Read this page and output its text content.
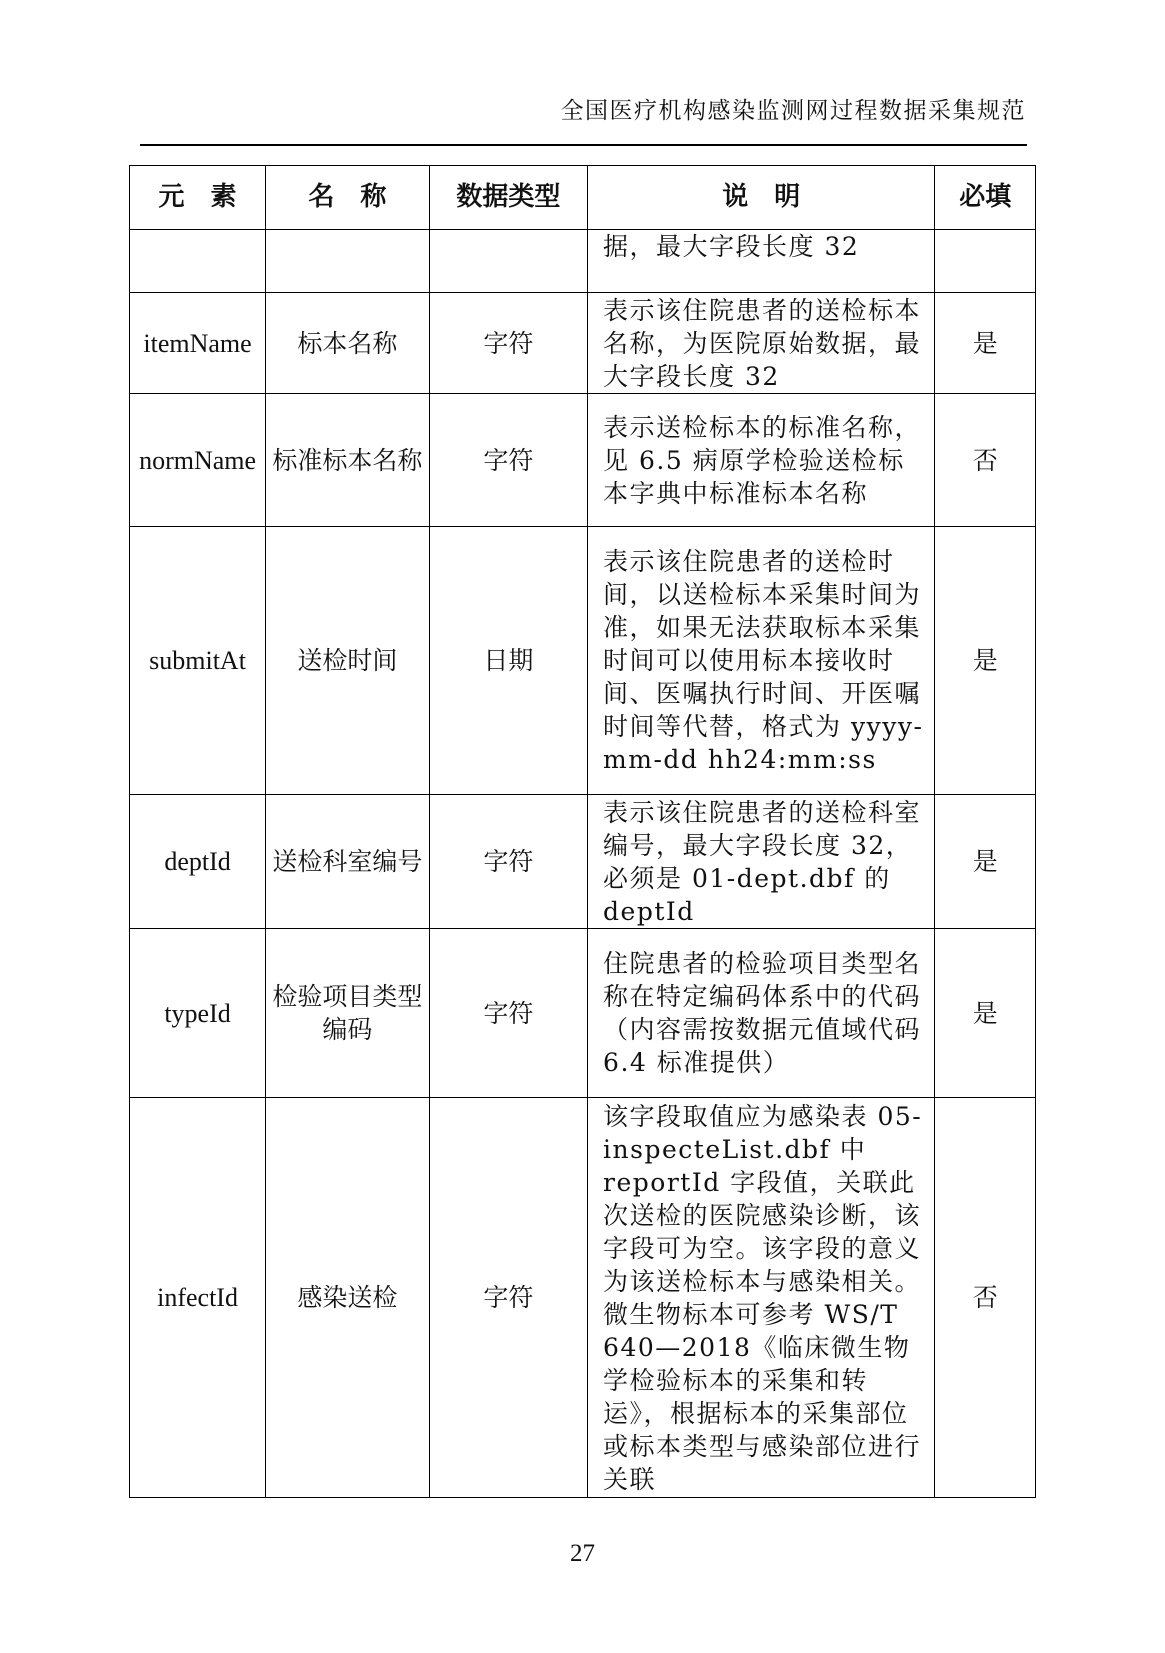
全国医疗机构感染监测网过程数据采集规范
元　素	名　称	数据类型	说　明	必填
			据，最大字段长度 32	
itemName	标本名称	字符	表示该住院患者的送检标本名称，为医院原始数据，最大字段长度 32	是
normName	标准标本名称	字符	表示送检标本的标准名称，见 6.5 病原学检验送检标本字典中标准标本名称	否
submitAt	送检时间	日期	表示该住院患者的送检时间，以送检标本采集时间为准，如果无法获取标本采集时间可以使用标本接收时间、医嘱执行时间、开医嘱时间等代替，格式为 yyyy-mm-dd hh24:mm:ss	是
deptId	送检科室编号	字符	表示该住院患者的送检科室编号，最大字段长度 32，必须是 01-dept.dbf 的 deptId	是
typeId	检验项目类型编码	字符	住院患者的检验项目类型名称在特定编码体系中的代码（内容需按数据元值域代码 6.4 标准提供）	是
infectId	感染送检	字符	该字段取值应为感染表 05-inspecteList.dbf 中 reportId 字段值，关联此次送检的医院感染诊断，该字段可为空。该字段的意义为该送检标本与感染相关。微生物标本可参考 WS/T 640—2018《临床微生物学检验标本的采集和转运》，根据标本的采集部位或标本类型与感染部位进行关联	否
27
